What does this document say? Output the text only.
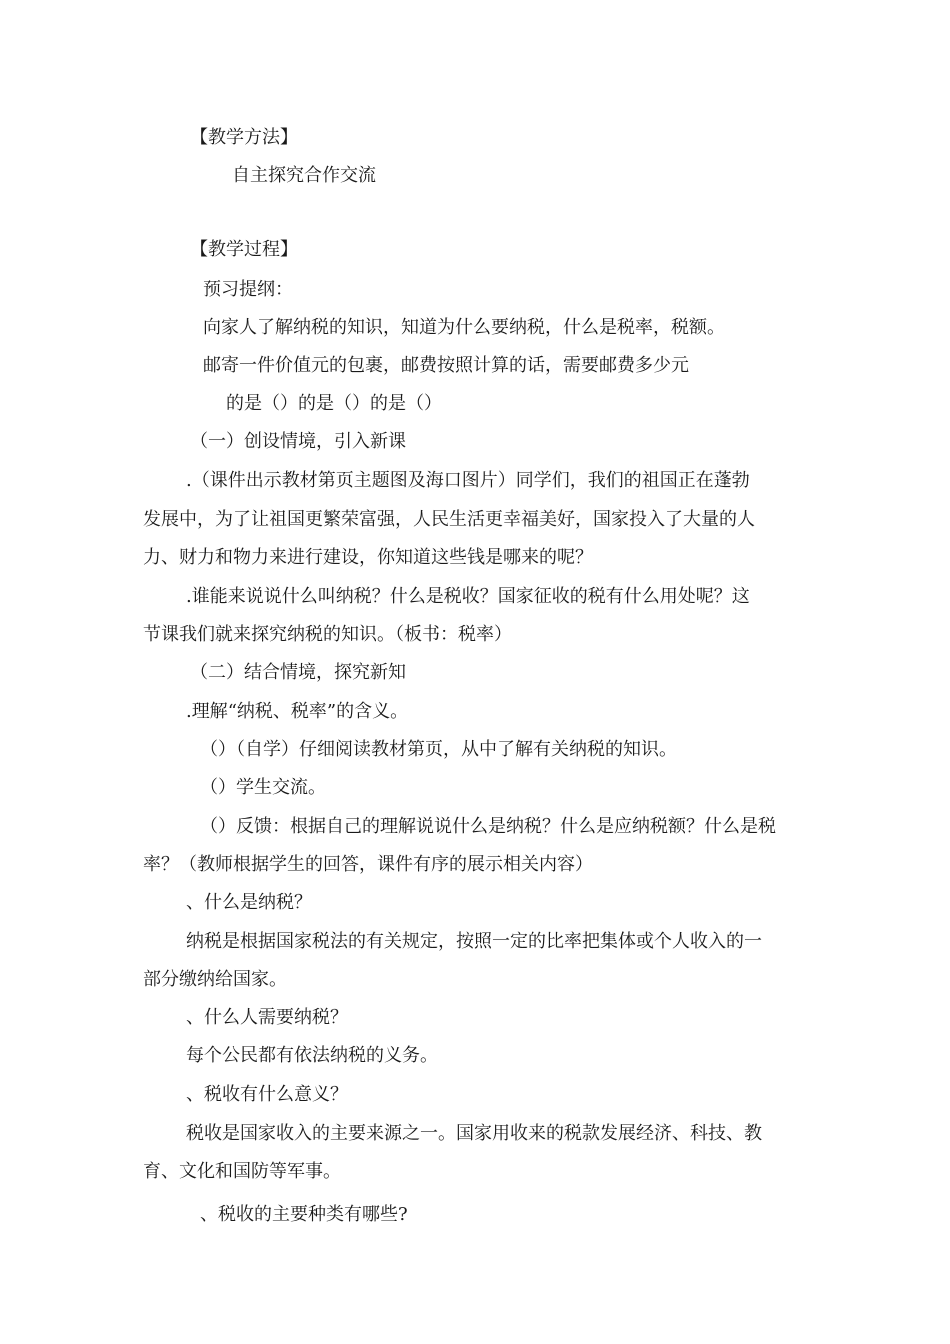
【教学方法】
自主探究合作交流
【教学过程】
预习提纲：
向家人了解纳税的知识，知道为什么要纳税，什么是税率，税额。
邮寄一件价值元的包裹，邮费按照计算的话，需要邮费多少元
的是（）的是（）的是（）
（一）创设情境，引入新课
.（课件出示教材第页主题图及海口图片）同学们，我们的祖国正在蓬勃
发展中，为了让祖国更繁荣富强，人民生活更幸福美好，国家投入了大量的人
力、财力和物力来进行建设，你知道这些钱是哪来的呢？
.谁能来说说什么叫纳税？什么是税收？国家征收的税有什么用处呢？这
节课我们就来探究纳税的知识。（板书：税率）
（二）结合情境，探究新知
.理解“纳税、税率”的含义。
（）（自学）仔细阅读教材第页，从中了解有关纳税的知识。
（）学生交流。
（）反馈：根据自己的理解说说什么是纳税？什么是应纳税额？什么是税
率？（教师根据学生的回答，课件有序的展示相关内容）
、什么是纳税？
纳税是根据国家税法的有关规定，按照一定的比率把集体或个人收入的一
部分缴纳给国家。
、什么人需要纳税？
每个公民都有依法纳税的义务。
、税收有什么意义？
税收是国家收入的主要来源之一。国家用收来的税款发展经济、科技、教
育、文化和国防等军事。
、税收的主要种类有哪些?
